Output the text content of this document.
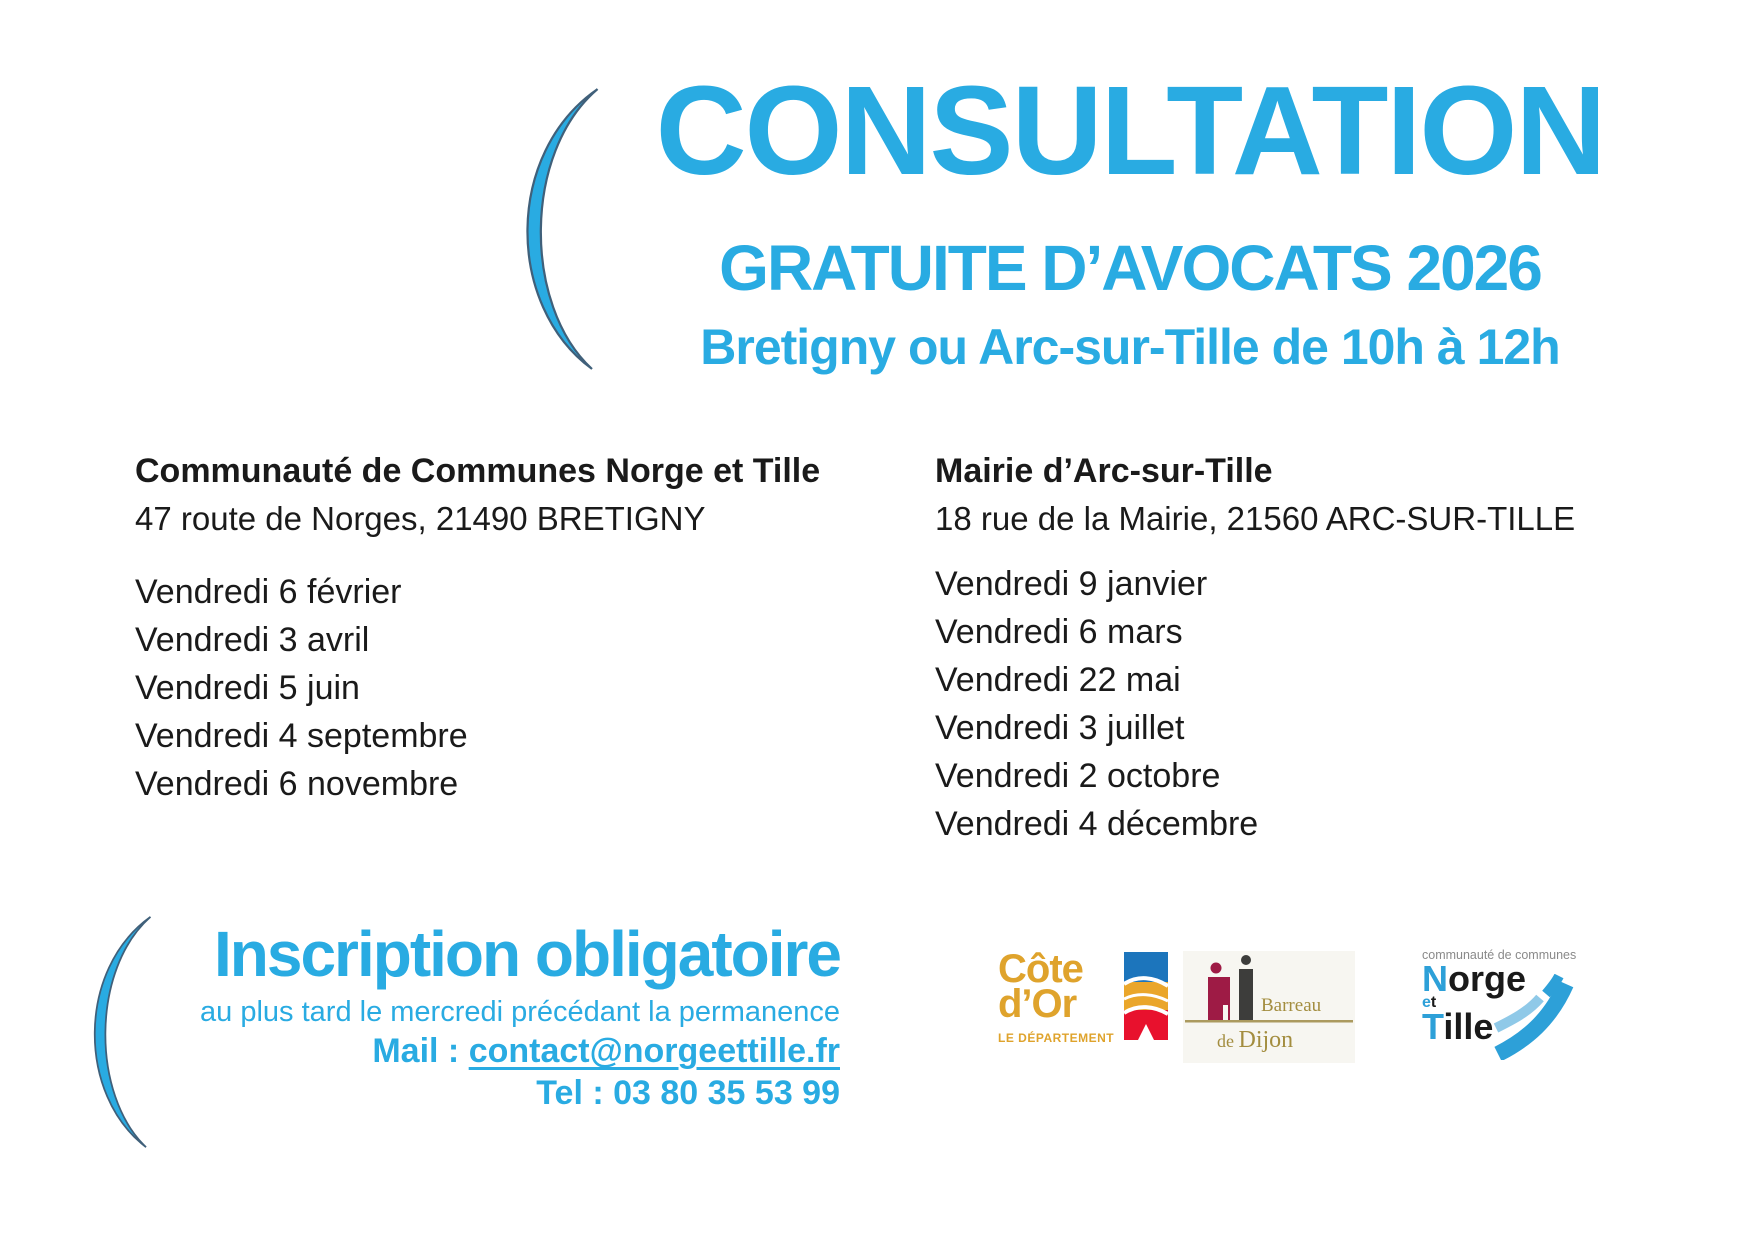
CONSULTATION
GRATUITE D’AVOCATS 2026
Bretigny ou Arc-sur-Tille de 10h à 12h
Communauté de Communes Norge et Tille
47 route de Norges, 21490 BRETIGNY
Vendredi 6 février
Vendredi 3 avril
Vendredi 5 juin
Vendredi 4 septembre
Vendredi 6 novembre
Mairie d’Arc-sur-Tille
18 rue de la Mairie, 21560 ARC-SUR-TILLE
Vendredi 9 janvier
Vendredi 6 mars
Vendredi 22 mai
Vendredi 3 juillet
Vendredi 2 octobre
Vendredi 4 décembre
Inscription obligatoire
au plus tard le mercredi précédant la permanence
Mail : contact@norgeettille.fr
Tel : 03 80 35 53 99
Côte
d’Or
LE DÉPARTEMENT
Barreau
de Dijon
communauté de communes
Norge
et
Tille
